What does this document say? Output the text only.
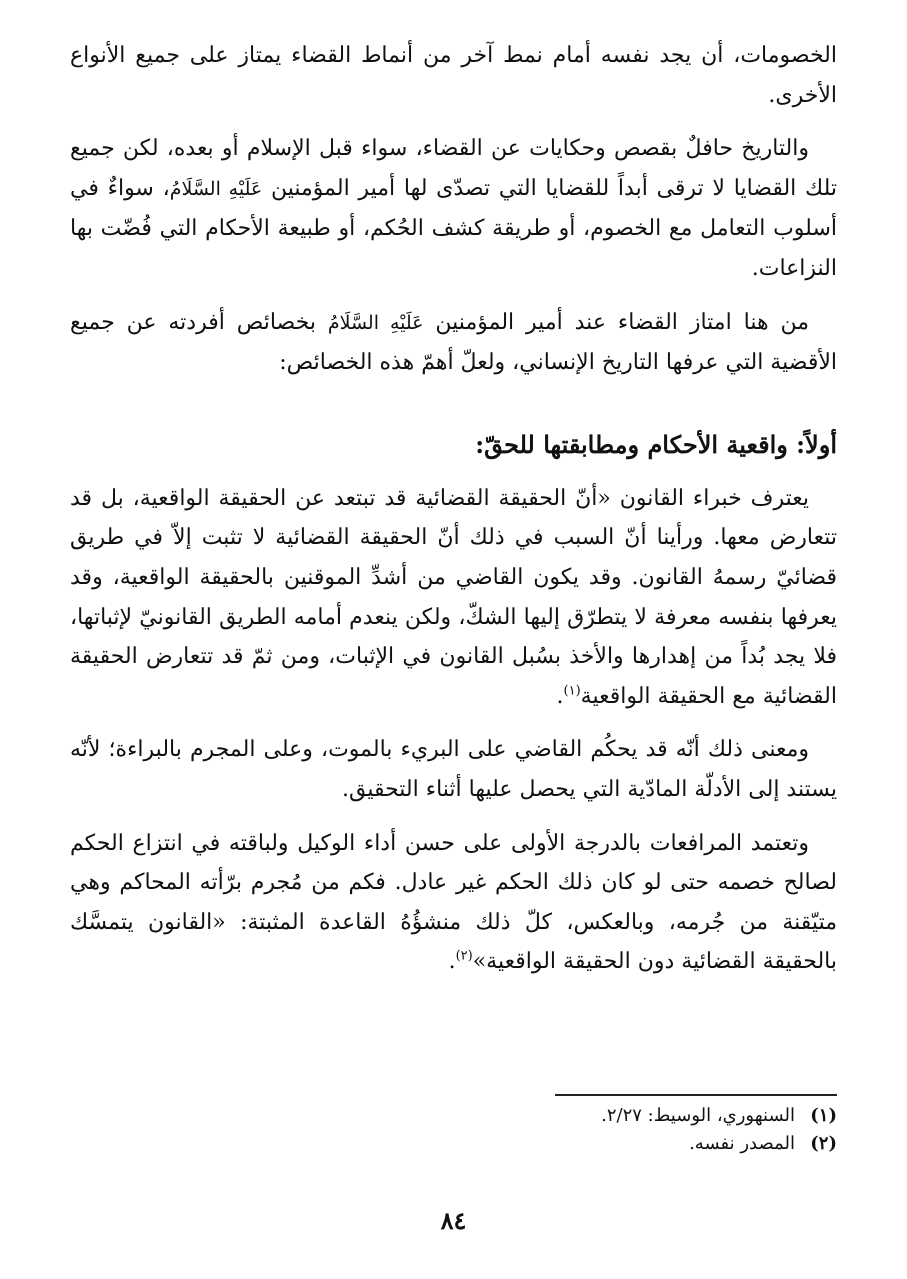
الخصومات، أن يجد نفسه أمام نمط آخر من أنماط القضاء يمتاز على جميع الأنواع الأخرى.

والتاريخ حافلٌ بقصص وحكايات عن القضاء، سواء قبل الإسلام أو بعده، لكن جميع تلك القضايا لا ترقى أبداً للقضايا التي تصدّى لها أمير المؤمنين عَلَيْهِ السَّلَامُ، سواءٌ في أسلوب التعامل مع الخصوم، أو طريقة كشف الحُكم، أو طبيعة الأحكام التي فُضّت بها النزاعات.

من هنا امتاز القضاء عند أمير المؤمنين عَلَيْهِ السَّلَامُ بخصائص أفردته عن جميع الأقضية التي عرفها التاريخ الإنساني، ولعلّ أهمّ هذه الخصائص:

أولاً: واقعية الأحكام ومطابقتها للحقّ:

يعترف خبراء القانون «أنّ الحقيقة القضائية قد تبتعد عن الحقيقة الواقعية، بل قد تتعارض معها. ورأينا أنّ السبب في ذلك أنّ الحقيقة القضائية لا تثبت إلاّ في طريق قضائيّ رسمهُ القانون. وقد يكون القاضي من أشدِّ الموقنين بالحقيقة الواقعية، وقد يعرفها بنفسه معرفة لا يتطرّق إليها الشكّ، ولكن ينعدم أمامه الطريق القانونيّ لإثباتها، فلا يجد بُداً من إهدارها والأخذ بسُبل القانون في الإثبات، ومن ثمّ قد تتعارض الحقيقة القضائية مع الحقيقة الواقعية$^{(١)}$.

ومعنى ذلك أنّه قد يحكُم القاضي على البريء بالموت، وعلى المجرم بالبراءة؛ لأنّه يستند إلى الأدلّة المادّية التي يحصل عليها أثناء التحقيق.

وتعتمد المرافعات بالدرجة الأولى على حسن أداء الوكيل ولباقته في انتزاع الحكم لصالح خصمه حتى لو كان ذلك الحكم غير عادل. فكم من مُجرم برّأته المحاكم وهي متيّقنة من جُرمه، وبالعكس، كلّ ذلك منشؤُهُ القاعدة المثبتة: «القانون يتمسَّك بالحقيقة القضائية دون الحقيقة الواقعية»$^{(٢)}$.

(١)
السنهوري، الوسيط: ٢/٢٧.
(٢)
المصدر نفسه.
٨٤
